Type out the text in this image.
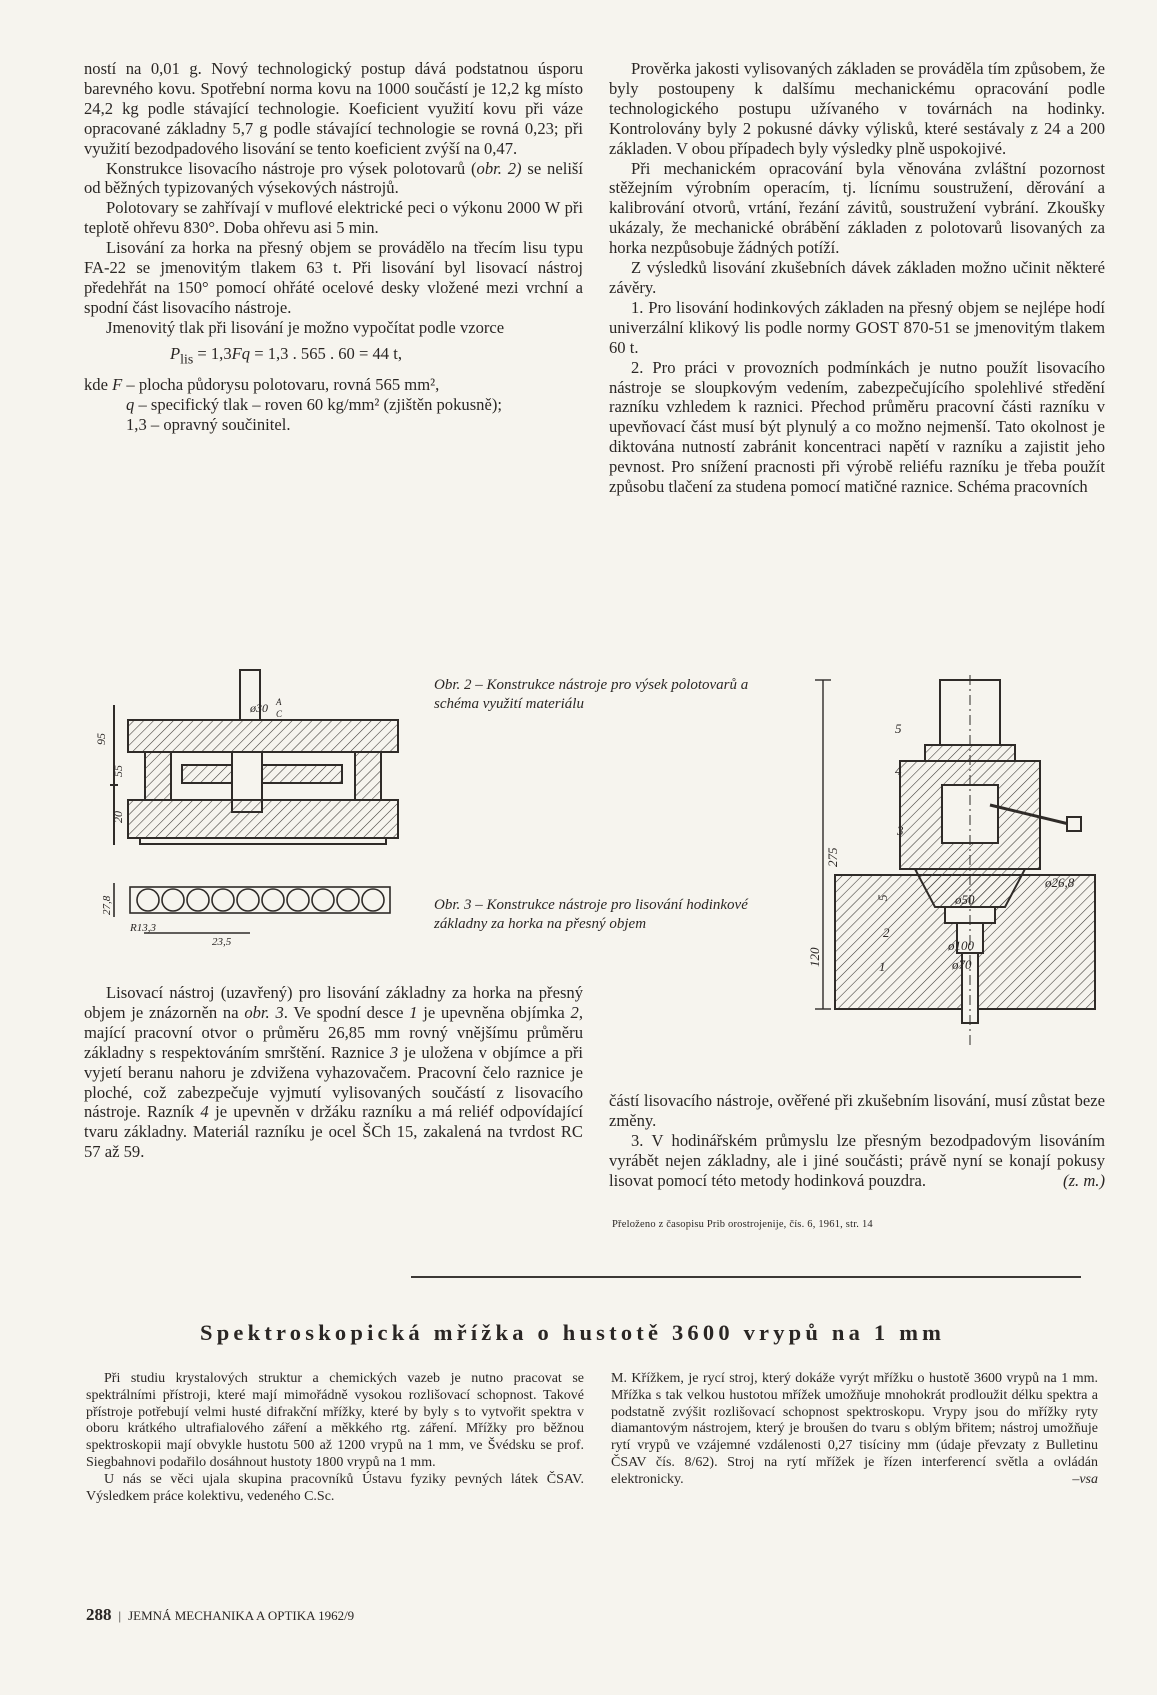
ností na 0,01 g. Nový technologický postup dává podstatnou úsporu barevného kovu. Spotřební norma kovu na 1000 součástí je 12,2 kg místo 24,2 kg podle stávající technologie. Koeficient využití kovu při váze opracované základny 5,7 g podle stávající technologie se rovná 0,23; při využití bezodpadového lisování se tento koeficient zvýší na 0,47.

Konstrukce lisovacího nástroje pro výsek polotovarů (obr. 2) se neliší od běžných typizovaných výsekových nástrojů.

Polotovary se zahřívají v muflové elektrické peci o výkonu 2000 W při teplotě ohřevu 830°. Doba ohřevu asi 5 min.

Lisování za horka na přesný objem se provádělo na třecím lisu typu FA-22 se jmenovitým tlakem 63 t. Při lisování byl lisovací nástroj předehřát na 150° pomocí ohřáté ocelové desky vložené mezi vrchní a spodní část lisovacího nástroje.

Jmenovitý tlak při lisování je možno vypočítat podle vzorce

$P_{lis} = 1,3Fq = 1,3$ . 565 . 60 = 44 t,

kde F – plocha půdorysu polotovaru, rovná 565 mm²,
q – specifický tlak – roven 60 kg/mm² (zjištěn pokusně);
1,3 – opravný součinitel.

Prověrka jakosti vylisovaných základen se prováděla tím způsobem, že byly postoupeny k dalšímu mechanickému opracování podle technologického postupu užívaného v továrnách na hodinky. Kontrolovány byly 2 pokusné dávky výlisků, které sestávaly z 24 a 200 základen. V obou případech byly výsledky plně uspokojivé.

Při mechanickém opracování byla věnována zvláštní pozornost stěžejním výrobním operacím, tj. lícnímu soustružení, děrování a kalibrování otvorů, vrtání, řezání závitů, soustružení vybrání. Zkoušky ukázaly, že mechanické obrábění základen z polotovarů lisovaných za horka nezpůsobuje žádných potíží.

Z výsledků lisování zkušebních dávek základen možno učinit některé závěry.

1. Pro lisování hodinkových základen na přesný objem se nejlépe hodí univerzální klikový lis podle normy GOST 870-51 se jmenovitým tlakem 60 t.

2. Pro práci v provozních podmínkách je nutno použít lisovacího nástroje se sloupkovým vedením, zabezpečujícího spolehlivé středění razníku vzhledem k raznici. Přechod průměru pracovní části razníku v upevňovací část musí být plynulý a co možno nejmenší. Tato okolnost je diktována nutností zabránit koncentraci napětí v razníku a zajistit jeho pevnost. Pro snížení pracnosti při výrobě reliéfu razníku je třeba použít způsobu tlačení za studena pomocí matičné raznice. Schéma pracovních

ø30 A
C
95
55
20
27,8
R13,3
23,5
Obr. 2 – Konstrukce nástroje pro výsek polotovarů a schéma využití materiálu
Obr. 3 – Konstrukce nástroje pro lisování hodinkové základny za horka na přesný objem
5
4
3
2
1
275
120
5	ø50
ø26,8
ø100
ø70

Lisovací nástroj (uzavřený) pro lisování základny za horka na přesný objem je znázorněn na obr. 3. Ve spodní desce 1 je upevněna objímka 2, mající pracovní otvor o průměru 26,85 mm rovný vnějšímu průměru základny s respektováním smrštění. Raznice 3 je uložena v objímce a při vyjetí beranu nahoru je zdvižena vyhazovačem. Pracovní čelo raznice je ploché, což zabezpečuje vyjmutí vylisovaných součástí z lisovacího nástroje. Razník 4 je upevněn v držáku razníku a má reliéf odpovídající tvaru základny. Materiál razníku je ocel ŠCh 15, zakalená na tvrdost RC 57 až 59.

částí lisovacího nástroje, ověřené při zkušebním lisování, musí zůstat beze změny.

3. V hodinářském průmyslu lze přesným bezodpadovým lisováním vyrábět nejen základny, ale i jiné součásti; právě nyní se konají pokusy lisovat pomocí této metody hodinková pouzdra.	(z. m.)

Přeloženo z časopisu Prib orostrojenije, čís. 6, 1961, str. 14
Spektroskopická mřížka o hustotě 3600 vrypů na 1 mm

Při studiu krystalových struktur a chemických vazeb je nutno pracovat se spektrálními přístroji, které mají mimořádně vysokou rozlišovací schopnost. Takové přístroje potřebují velmi husté difrakční mřížky, které by byly s to vytvořit spektra v oboru krátkého ultrafialového záření a měkkého rtg. záření. Mřížky pro běžnou spektroskopii mají obvykle hustotu 500 až 1200 vrypů na 1 mm, ve Švédsku se prof. Siegbahnovi podařilo dosáhnout hustoty 1800 vrypů na 1 mm.

U nás se věci ujala skupina pracovníků Ústavu fyziky pevných látek ČSAV. Výsledkem práce kolektivu, vedeného C.Sc.

M. Křížkem, je rycí stroj, který dokáže vyrýt mřížku o hustotě 3600 vrypů na 1 mm. Mřížka s tak velkou hustotou mřížek umožňuje mnohokrát prodloužit délku spektra a podstatně zvýšit rozlišovací schopnost spektroskopu. Vrypy jsou do mřížky ryty diamantovým nástrojem, který je broušen do tvaru s oblým břitem; nástroj umožňuje rytí vrypů ve vzájemné vzdálenosti 0,27 tisíciny mm (údaje převzaty z Bulletinu ČSAV čís. 8/62). Stroj na rytí mřížek je řízen interferencí světla a ovládán elektronicky.	–vsa

288 | JEMNÁ MECHANIKA A OPTIKA 1962/9
